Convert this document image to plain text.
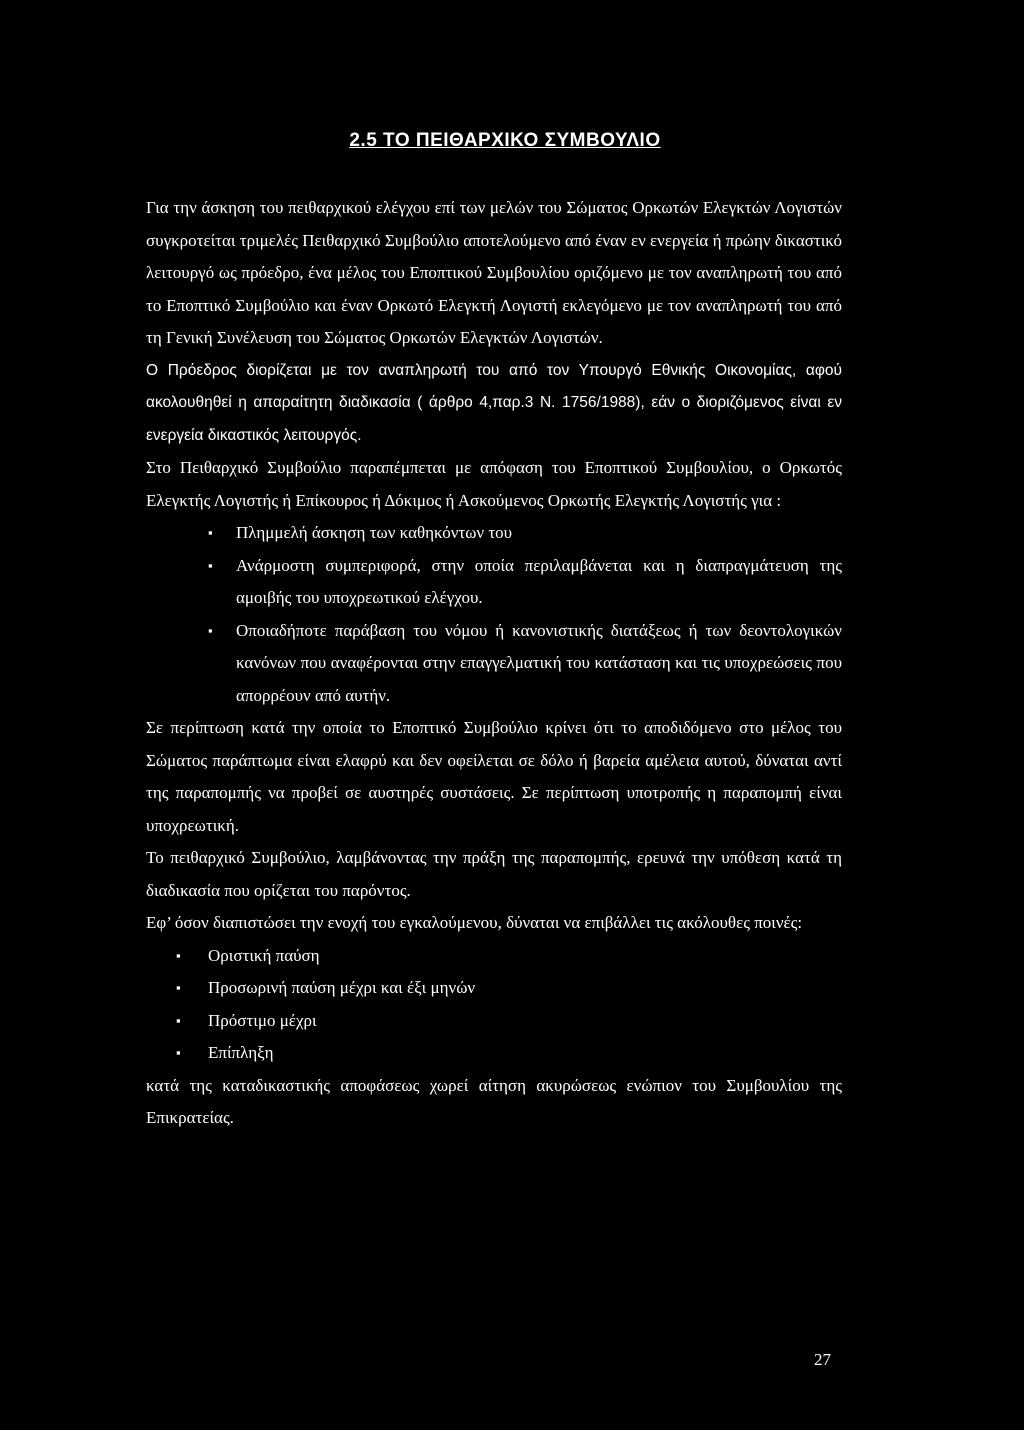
2.5 ΤΟ ΠΕΙΘΑΡΧΙΚΟ ΣΥΜΒΟΥΛΙΟ

Για την άσκηση του πειθαρχικού ελέγχου επί των μελών του Σώματος Ορκωτών Ελεγκτών Λογιστών συγκροτείται τριμελές Πειθαρχικό Συμβούλιο αποτελούμενο από έναν εν ενεργεία ή πρώην δικαστικό λειτουργό ως πρόεδρο, ένα μέλος του Εποπτικού Συμβουλίου οριζόμενο με τον αναπληρωτή του από το Εποπτικό Συμβούλιο και έναν Ορκωτό Ελεγκτή Λογιστή εκλεγόμενο με τον αναπληρωτή του από τη Γενική Συνέλευση του Σώματος Ορκωτών Ελεγκτών Λογιστών.

Ο Πρόεδρος διορίζεται με τον αναπληρωτή του από τον Υπουργό Εθνικής Οικονομίας, αφού ακολουθηθεί η απαραίτητη διαδικασία ( άρθρο 4,παρ.3 Ν. 1756/1988), εάν ο διοριζόμενος είναι εν ενεργεία δικαστικός λειτουργός.

Στο Πειθαρχικό Συμβούλιο παραπέμπεται με απόφαση του Εποπτικού Συμβουλίου, ο Ορκωτός Ελεγκτής Λογιστής ή Επίκουρος ή Δόκιμος ή Ασκούμενος Ορκωτής Ελεγκτής Λογιστής για :

▪ Πλημμελή άσκηση των καθηκόντων του
▪ Ανάρμοστη συμπεριφορά, στην οποία περιλαμβάνεται και η διαπραγμάτευση της αμοιβής του υποχρεωτικού ελέγχου.
▪ Οποιαδήποτε παράβαση του νόμου ή κανονιστικής διατάξεως ή των δεοντολογικών κανόνων που αναφέρονται στην επαγγελματική του κατάσταση και τις υποχρεώσεις που απορρέουν από αυτήν.

Σε περίπτωση κατά την οποία το Εποπτικό Συμβούλιο κρίνει ότι το αποδιδόμενο στο μέλος του Σώματος παράπτωμα είναι ελαφρύ και δεν οφείλεται σε δόλο ή βαρεία αμέλεια αυτού, δύναται αντί της παραπομπής να προβεί σε αυστηρές συστάσεις. Σε περίπτωση υποτροπής η παραπομπή είναι υποχρεωτική.

Το πειθαρχικό Συμβούλιο, λαμβάνοντας την πράξη της παραπομπής, ερευνά την υπόθεση κατά τη διαδικασία που ορίζεται του παρόντος.

Εφ’ όσον διαπιστώσει την ενοχή του εγκαλούμενου, δύναται να επιβάλλει τις ακόλουθες ποινές:

▪ Οριστική παύση
▪ Προσωρινή παύση μέχρι και έξι μηνών
▪ Πρόστιμο μέχρι
▪ Επίπληξη

κατά της καταδικαστικής αποφάσεως χωρεί αίτηση ακυρώσεως ενώπιον του Συμβουλίου της Επικρατείας.

27
